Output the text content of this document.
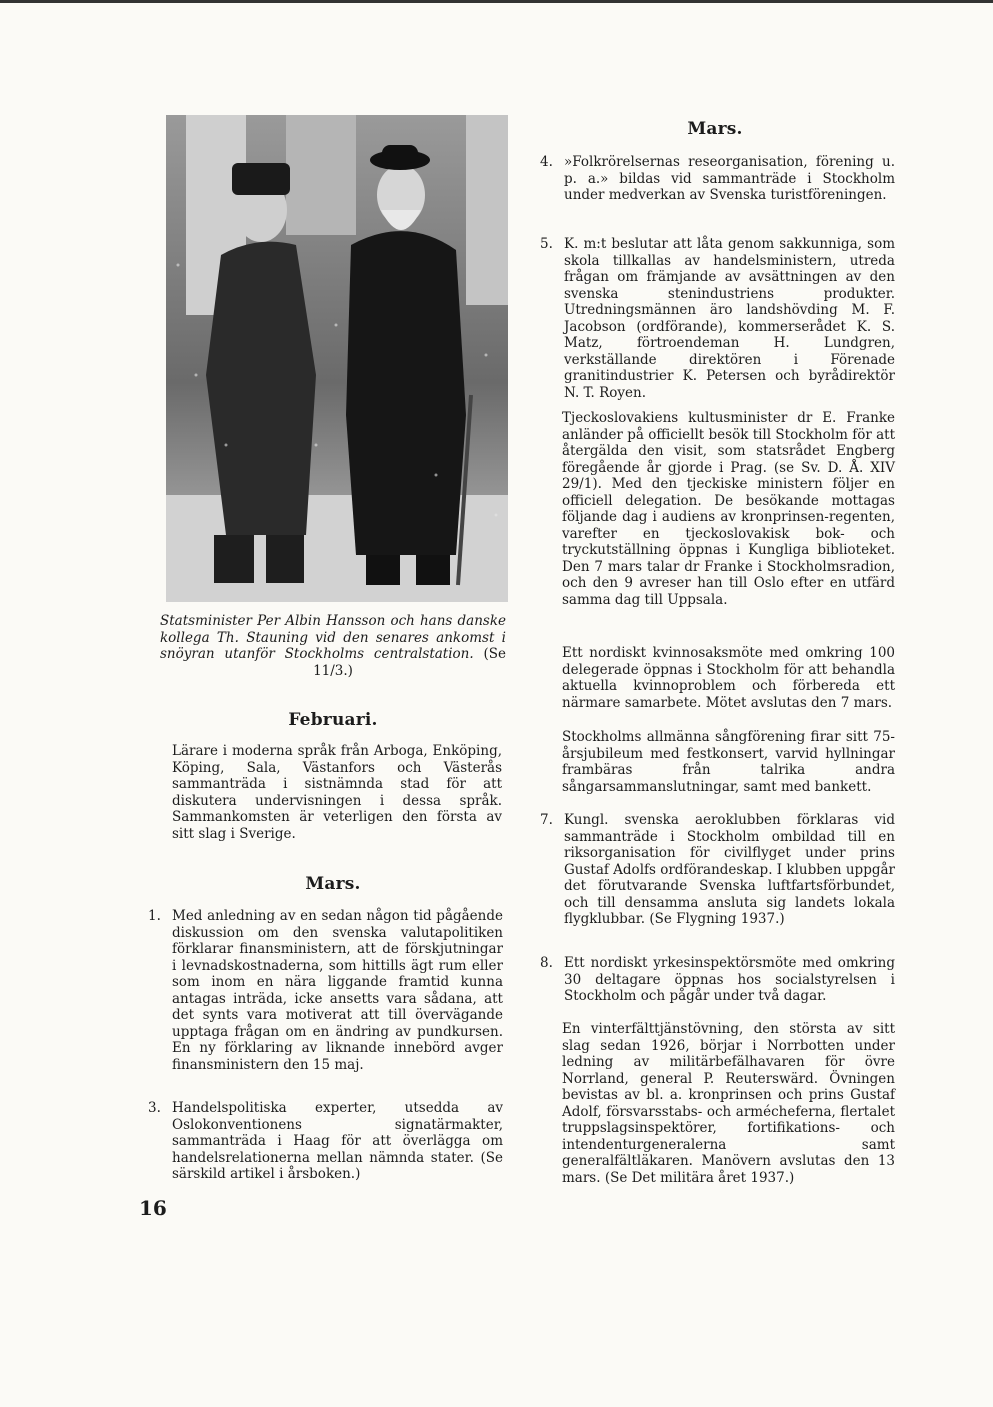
Statsminister Per Albin Hansson och hans danske kollega Th. Stauning vid den senares ankomst i snöyran utanför Stockholms centralstation. (Se 11/3.)
Februari.
Lärare i moderna språk från Arboga, Enköping, Köping, Sala, Västanfors och Västerås sammanträda i sistnämnda stad för att diskutera undervisningen i dessa språk. Sammankomsten är veterligen den första av sitt slag i Sverige.
Mars.
1. Med anledning av en sedan någon tid pågående diskussion om den svenska valutapolitiken förklarar finansministern, att de förskjutningar i levnadskostnaderna, som hittills ägt rum eller som inom en nära liggande framtid kunna antagas inträda, icke ansetts vara sådana, att det synts vara motiverat att till övervägande upptaga frågan om en ändring av pundkursen. En ny förklaring av liknande innebörd avger finansministern den 15 maj.
3. Handelspolitiska experter, utsedda av Oslokonventionens signatärmakter, sammanträda i Haag för att överlägga om handelsrelationerna mellan nämnda stater. (Se särskild artikel i årsboken.)
16
Mars.
4. »Folkrörelsernas reseorganisation, förening u. p. a.» bildas vid sammanträde i Stockholm under medverkan av Svenska turistföreningen.
5. K. m:t beslutar att låta genom sakkunniga, som skola tillkallas av handelsministern, utreda frågan om främjande av avsättningen av den svenska stenindustriens produkter. Utredningsmännen äro landshövding M. F. Jacobson (ordförande), kommerserådet K. S. Matz, förtroendeman H. Lundgren, verkställande direktören i Förenade granitindustrier K. Petersen och byrådirektör N. T. Royen.
Tjeckoslovakiens kultusminister dr E. Franke anländer på officiellt besök till Stockholm för att återgälda den visit, som statsrådet Engberg föregående år gjorde i Prag. (se Sv. D. Å. XIV 29/1). Med den tjeckiske ministern följer en officiell delegation. De besökande mottagas följande dag i audiens av kronprinsen-regenten, varefter en tjeckoslovakisk bok- och tryckutställning öppnas i Kungliga biblioteket. Den 7 mars talar dr Franke i Stockholmsradion, och den 9 avreser han till Oslo efter en utfärd samma dag till Uppsala.
Ett nordiskt kvinnosaksmöte med omkring 100 delegerade öppnas i Stockholm för att behandla aktuella kvinnoproblem och förbereda ett närmare samarbete. Mötet avslutas den 7 mars.
Stockholms allmänna sångförening firar sitt 75-årsjubileum med festkonsert, varvid hyllningar frambäras från talrika andra sångarsammanslutningar, samt med bankett.
7. Kungl. svenska aeroklubben förklaras vid sammanträde i Stockholm ombildad till en riksorganisation för civilflyget under prins Gustaf Adolfs ordförandeskap. I klubben uppgår det förutvarande Svenska luftfartsförbundet, och till densamma ansluta sig landets lokala flygklubbar. (Se Flygning 1937.)
8. Ett nordiskt yrkesinspektörsmöte med omkring 30 deltagare öppnas hos socialstyrelsen i Stockholm och pågår under två dagar.
En vinterfälttjänstövning, den största av sitt slag sedan 1926, börjar i Norrbotten under ledning av militärbefälhavaren för övre Norrland, general P. Reuterswärd. Övningen bevistas av bl. a. kronprinsen och prins Gustaf Adolf, försvarsstabs- och armécheferna, flertalet truppslagsinspektörer, fortifikations- och intendenturgeneralerna samt generalfältläkaren. Manövern avslutas den 13 mars. (Se Det militära året 1937.)
